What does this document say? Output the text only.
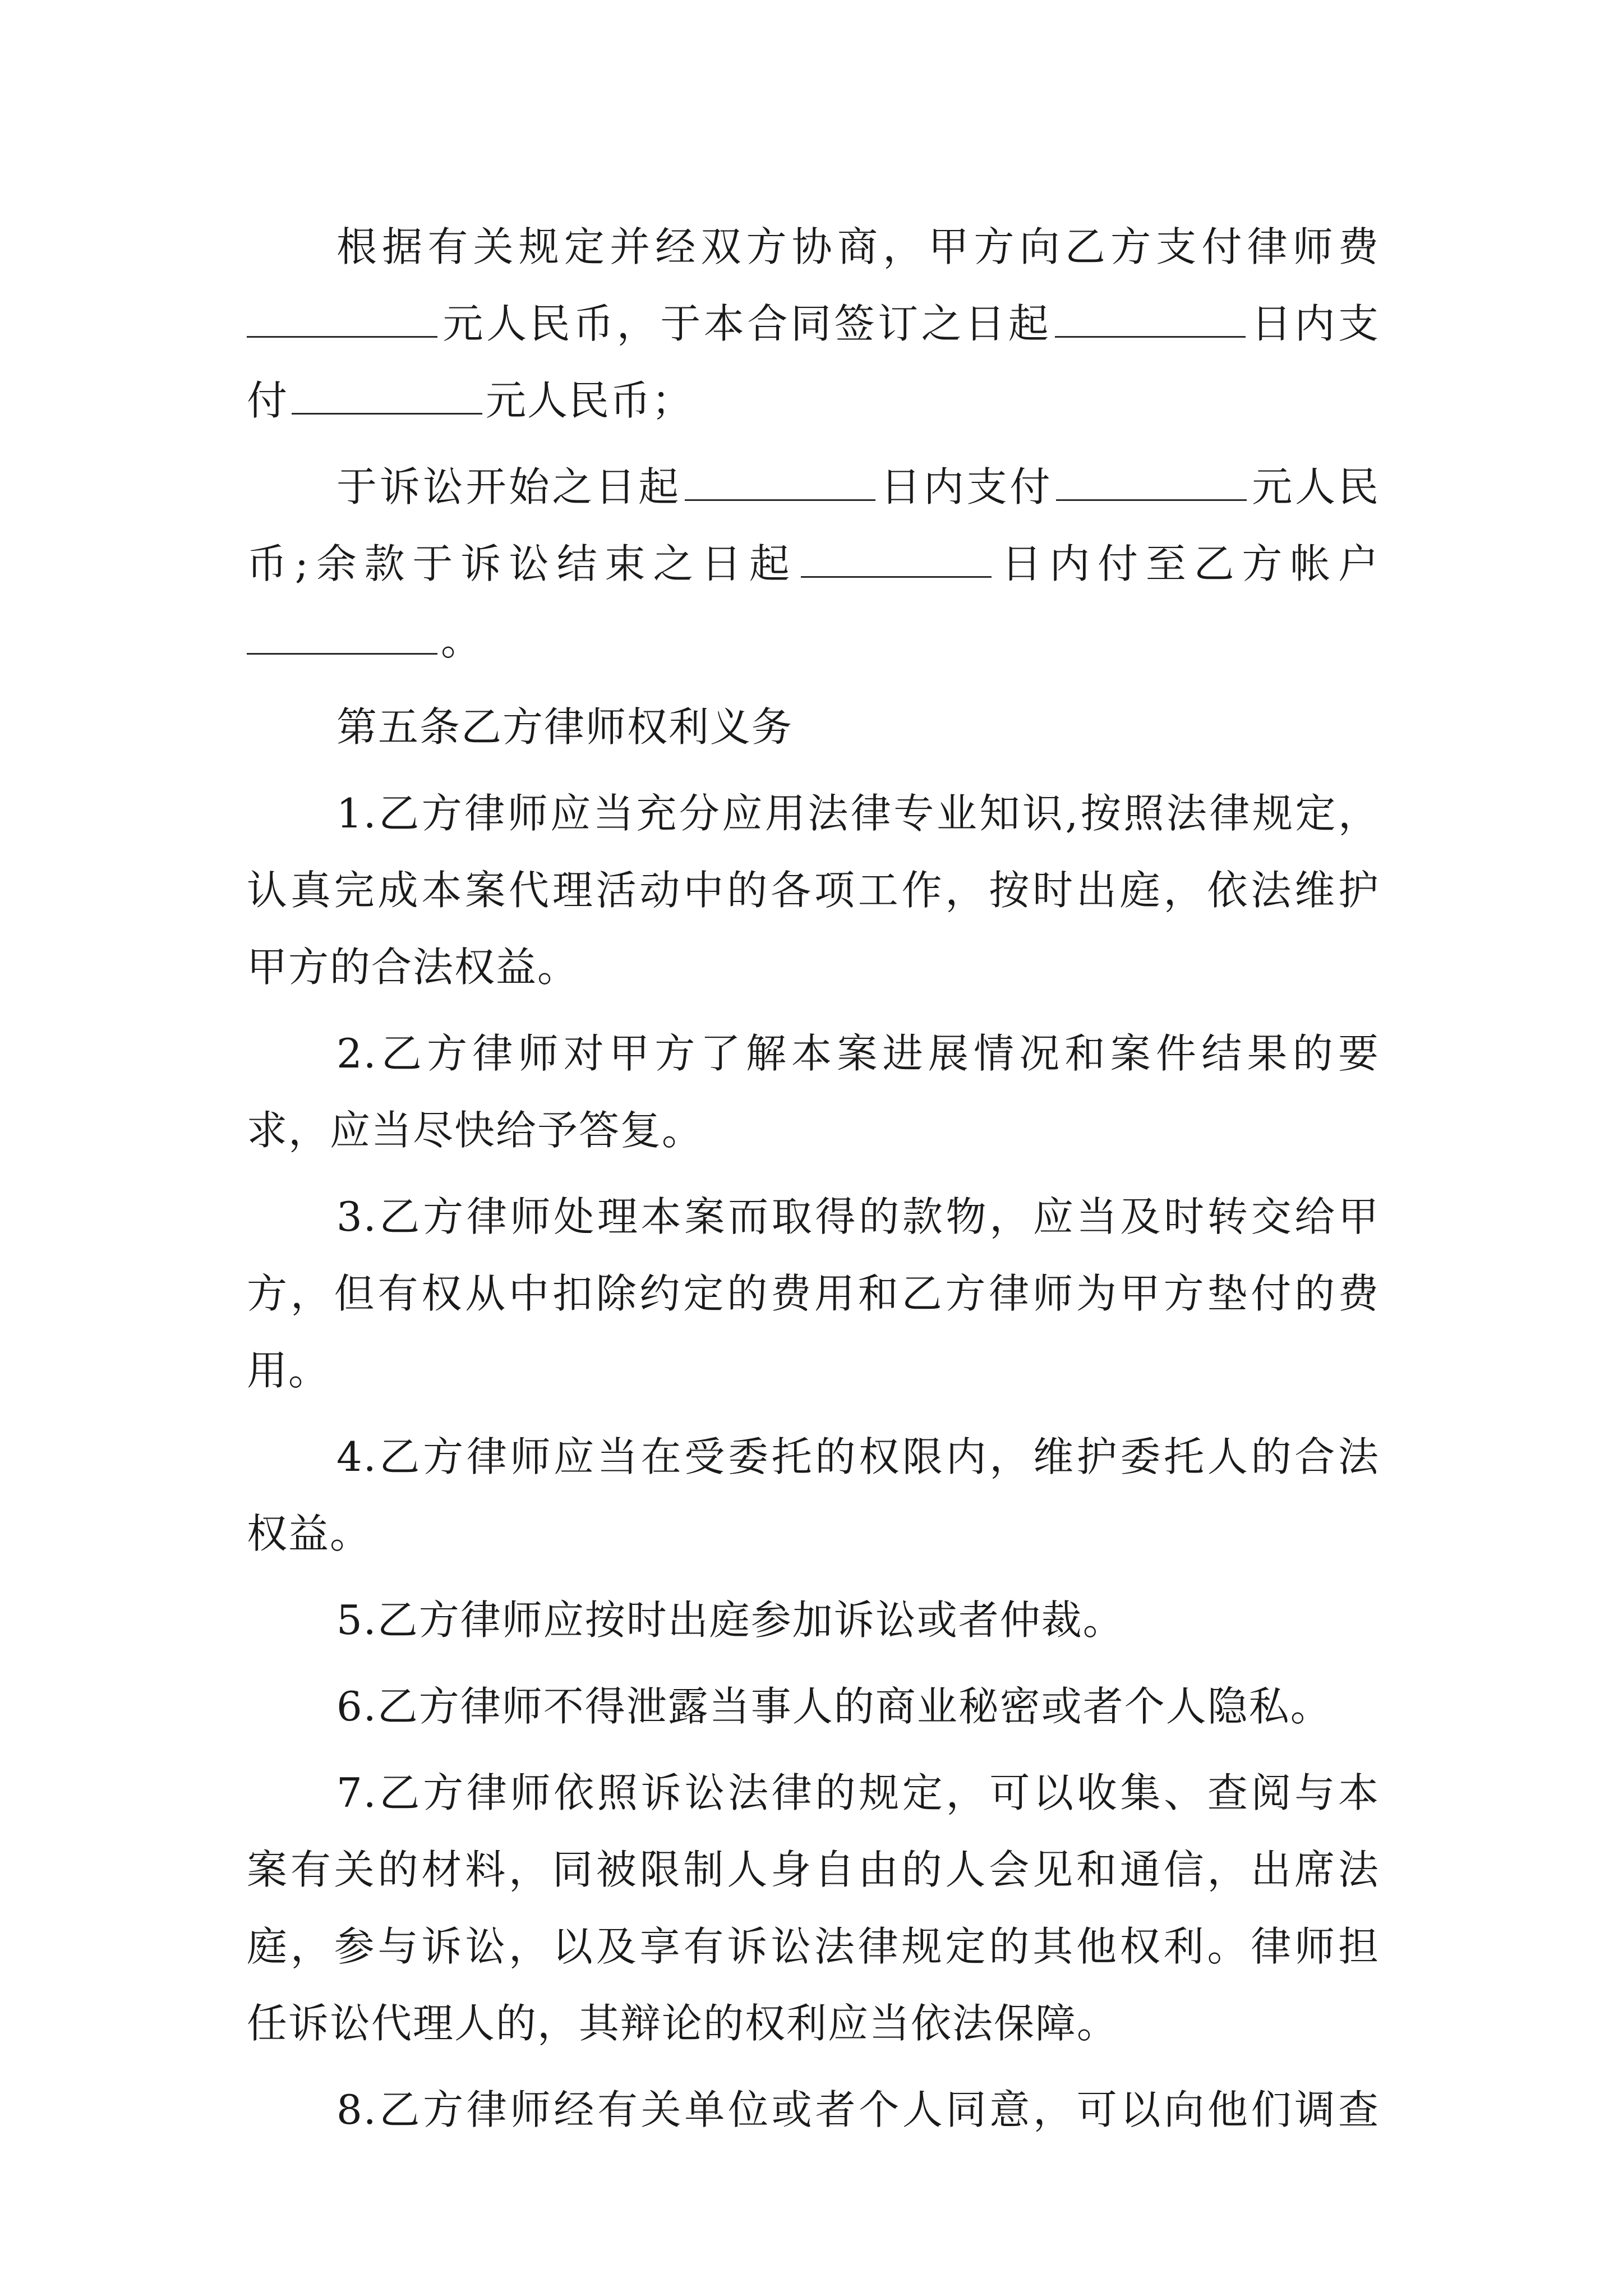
根据有关规定并经双方协商，甲方向乙方支付律师费
元人民币，于本合同签订之日起	日内支
付	元人民币；
于诉讼开始之日起	日内支付	元人民
币;余款于诉讼结束之日起	日内付至乙方帐户
。
第五条乙方律师权利义务
1.乙方律师应当充分应用法律专业知识,按照法律规定，
认真完成本案代理活动中的各项工作，按时出庭，依法维护
甲方的合法权益。
2.乙方律师对甲方了解本案进展情况和案件结果的要
求，应当尽快给予答复。
3.乙方律师处理本案而取得的款物，应当及时转交给甲
方，但有权从中扣除约定的费用和乙方律师为甲方垫付的费
用。
4.乙方律师应当在受委托的权限内，维护委托人的合法
权益。
5.乙方律师应按时出庭参加诉讼或者仲裁。
6.乙方律师不得泄露当事人的商业秘密或者个人隐私。
7.乙方律师依照诉讼法律的规定，可以收集、查阅与本
案有关的材料，同被限制人身自由的人会见和通信，出席法
庭，参与诉讼，以及享有诉讼法律规定的其他权利。律师担
任诉讼代理人的，其辩论的权利应当依法保障。
8.乙方律师经有关单位或者个人同意，可以向他们调查
